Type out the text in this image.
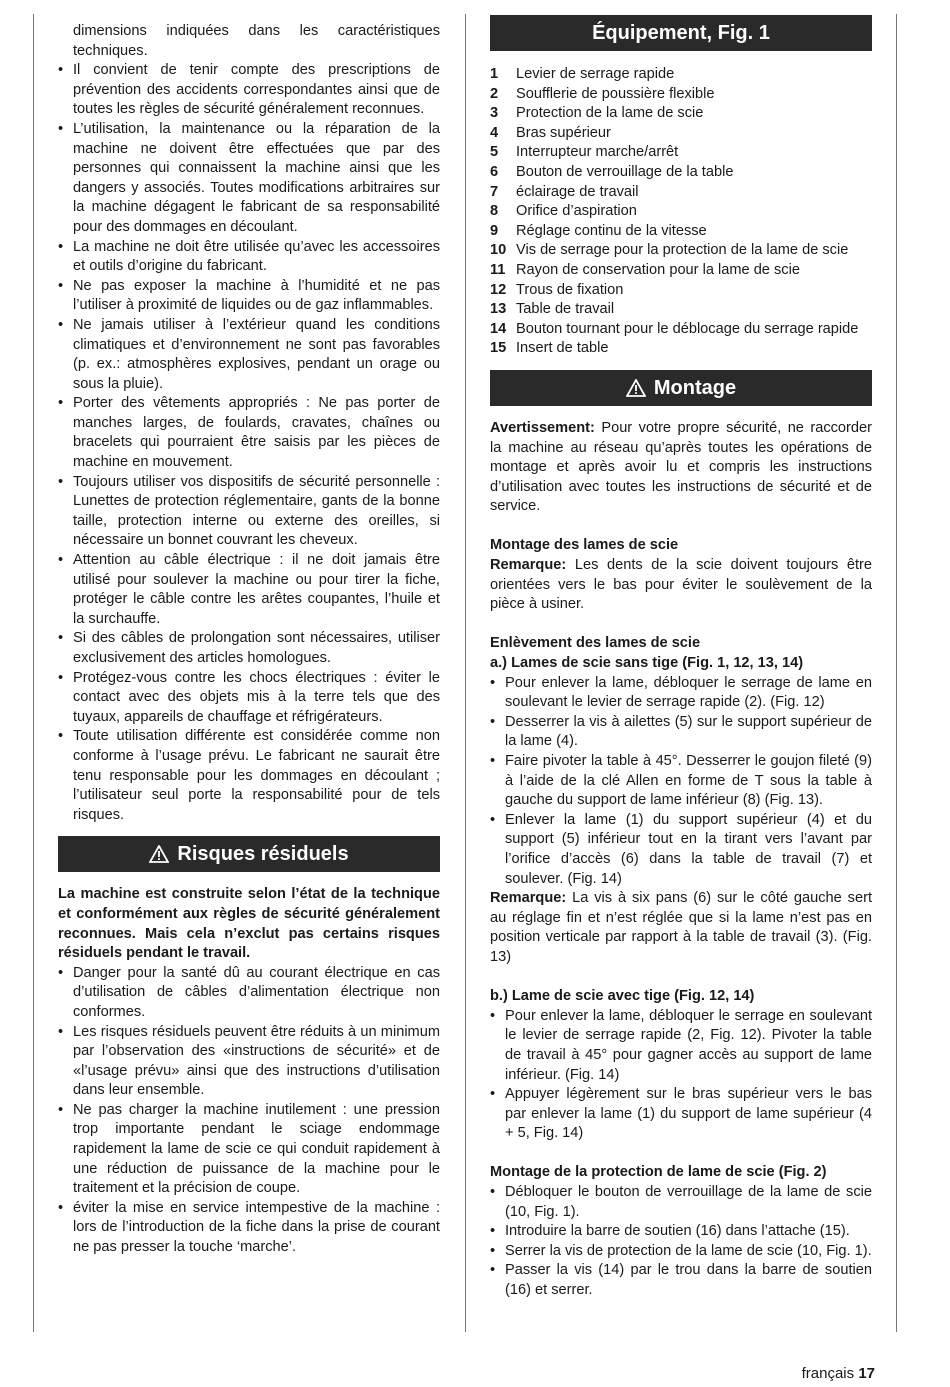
dimensions indiquées dans les caractéristiques techniques.

• Il convient de tenir compte des prescriptions de prévention des accidents correspondantes ainsi que de toutes les règles de sécurité généralement reconnues.
• L’utilisation, la maintenance ou la réparation de la machine ne doivent être effectuées que par des personnes qui connaissent la machine ainsi que les dangers y associés. Toutes modifications arbitraires sur la machine dégagent le fabricant de sa responsabilité pour des dommages en découlant.
• La machine ne doit être utilisée qu’avec les accessoires et outils d’origine du fabricant.
• Ne pas exposer la machine à l’humidité et ne pas l’utiliser à proximité de liquides ou de gaz inflammables.
• Ne jamais utiliser à l’extérieur quand les conditions climatiques et d’environnement ne sont pas favorables (p. ex.: atmosphères explosives, pendant un orage ou sous la pluie).
• Porter des vêtements appropriés : Ne pas porter de manches larges, de foulards, cravates, chaînes ou bracelets qui pourraient être saisis par les pièces de machine en mouvement.
• Toujours utiliser vos dispositifs de sécurité personnelle : Lunettes de protection réglementaire, gants de la bonne taille, protection interne ou externe des oreilles, si nécessaire un bonnet couvrant les cheveux.
• Attention au câble électrique : il ne doit jamais être utilisé pour soulever la machine ou pour tirer la fiche, protéger le câble contre les arêtes coupantes, l’huile et la surchauffe.
• Si des câbles de prolongation sont nécessaires, utiliser exclusivement des articles homologues.
• Protégez-vous contre les chocs électriques : éviter le contact avec des objets mis à la terre tels que des tuyaux, appareils de chauffage et réfrigérateurs.
• Toute utilisation différente est considérée comme non conforme à l’usage prévu. Le fabricant ne saurait être tenu responsable pour les dommages en découlant ; l’utilisateur seul porte la responsabilité pour de tels risques.
Risques résiduels

La machine est construite selon l’état de la technique et conformément aux règles de sécurité généralement reconnues. Mais cela n’exclut pas certains risques résiduels pendant le travail.

• Danger pour la santé dû au courant électrique en cas d’utilisation de câbles d’alimentation électrique non conformes.
• Les risques résiduels peuvent être réduits à un minimum par l’observation des «instructions de sécurité» et de «l’usage prévu» ainsi que des instructions d’utilisation dans leur ensemble.
• Ne pas charger la machine inutilement : une pression trop importante pendant le sciage endommage rapidement la lame de scie ce qui conduit rapidement à une réduction de puissance de la machine pour le traitement et la précision de coupe.
• éviter la mise en service intempestive de la machine : lors de l’introduction de la fiche dans la prise de courant ne pas presser la touche ‘marche’.
Équipement, Fig. 1
1	Levier de serrage rapide
2	Soufflerie de poussière flexible
3	Protection de la lame de scie
4	Bras supérieur
5	Interrupteur marche/arrêt
6	Bouton de verrouillage de la table
7	éclairage de travail
8	Orifice d’aspiration
9	Réglage continu de la vitesse
10 Vis de serrage pour la protection de la lame de scie
11 Rayon de conservation pour la lame de scie
12 Trous de fixation
13 Table de travail
14 Bouton tournant pour le déblocage du serrage rapide
15 Insert de table
Montage

Avertissement: Pour votre propre sécurité, ne raccorder la machine au réseau qu’après toutes les opérations de montage et après avoir lu et compris les instructions d’utilisation avec toutes les instructions de sécurité et de service.

Montage des lames de scie

Remarque: Les dents de la scie doivent toujours être orientées vers le bas pour éviter le soulèvement de la pièce à usiner.

Enlèvement des lames de scie

a.) Lames de scie sans tige (Fig. 1, 12, 13, 14)

• Pour enlever la lame, débloquer le serrage de lame en soulevant le levier de serrage rapide (2). (Fig. 12)
• Desserrer la vis à ailettes (5) sur le support supérieur de la lame (4).
• Faire pivoter la table à 45°. Desserrer le goujon fileté (9) à l’aide de la clé Allen en forme de T sous la table à gauche du support de lame inférieur (8) (Fig. 13).
• Enlever la lame (1) du support supérieur (4) et du support (5) inférieur tout en la tirant vers l’avant par l’orifice d’accès (6) dans la table de travail (7) et soulever. (Fig. 14)

Remarque: La vis à six pans (6) sur le côté gauche sert au réglage fin et n’est réglée que si la lame n’est pas en position verticale par rapport à la table de travail (3). (Fig. 13)

b.) Lame de scie avec tige (Fig. 12, 14)

• Pour enlever la lame, débloquer le serrage en soulevant le levier de serrage rapide (2, Fig. 12). Pivoter la table de travail à 45° pour gagner accès au support de lame inférieur. (Fig. 14)
• Appuyer légèrement sur le bras supérieur vers le bas par enlever la lame (1) du support de lame supérieur (4 + 5, Fig. 14)

Montage de la protection de lame de scie (Fig. 2)

• Débloquer le bouton de verrouillage de la lame de scie (10, Fig. 1).
• Introduire la barre de soutien (16) dans l’attache (15).
• Serrer la vis de protection de la lame de scie (10, Fig. 1).
• Passer la vis (14) par le trou dans la barre de soutien (16) et serrer.
français 17
